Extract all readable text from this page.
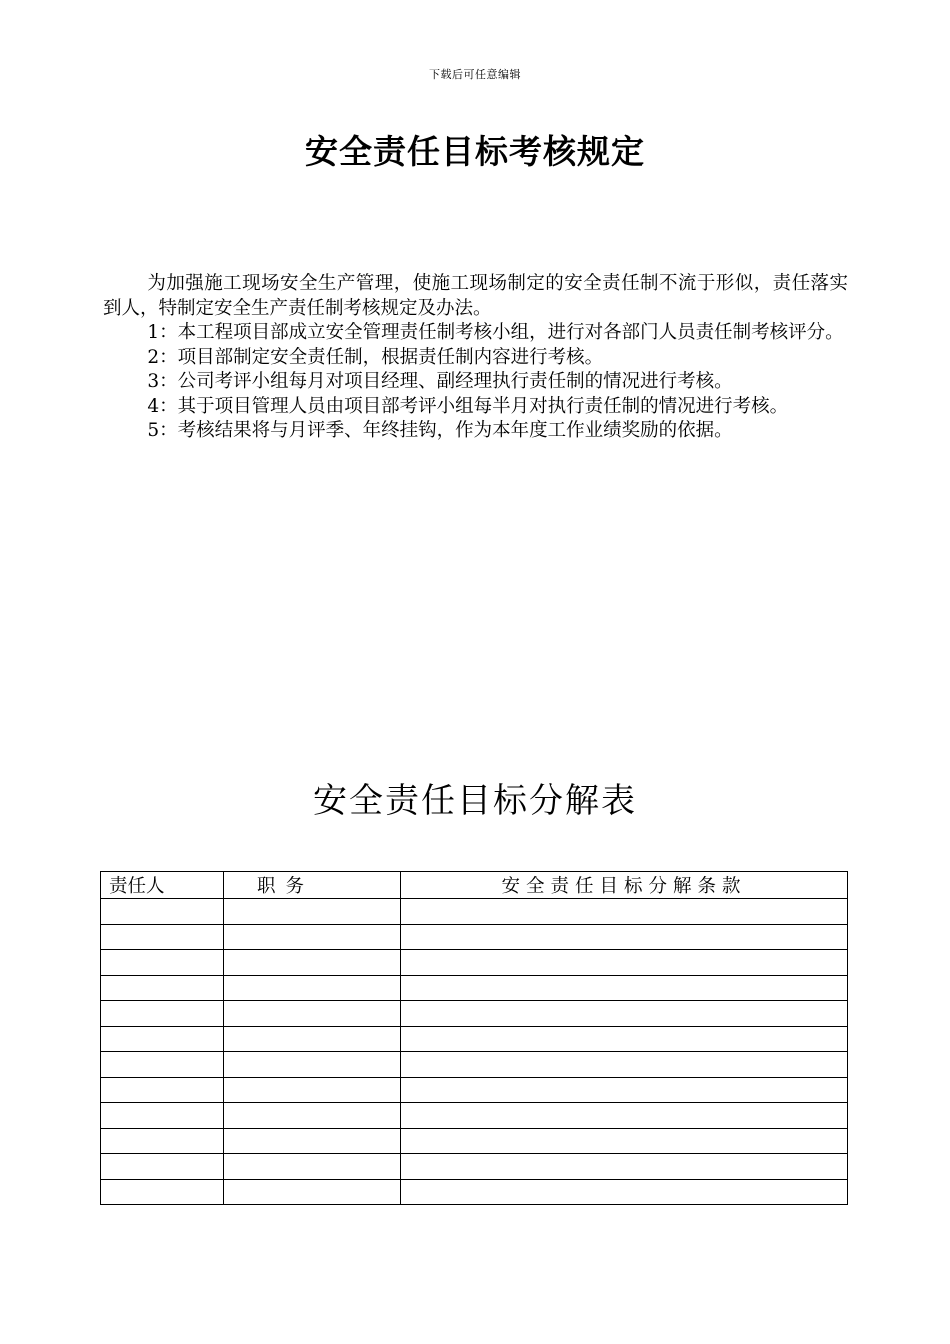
下载后可任意编辑
安全责任目标考核规定

为加强施工现场安全生产管理，使施工现场制定的安全责任制不流于形似，责任落实到人，特制定安全生产责任制考核规定及办法。

1：本工程项目部成立安全管理责任制考核小组，进行对各部门人员责任制考核评分。

2：项目部制定安全责任制，根据责任制内容进行考核。

3：公司考评小组每月对项目经理、副经理执行责任制的情况进行考核。

4：其于项目管理人员由项目部考评小组每半月对执行责任制的情况进行考核。

5：考核结果将与月评季、年终挂钩，作为本年度工作业绩奖励的依据。

安全责任目标分解表
责任人	职务	安全责任目标分解条款
